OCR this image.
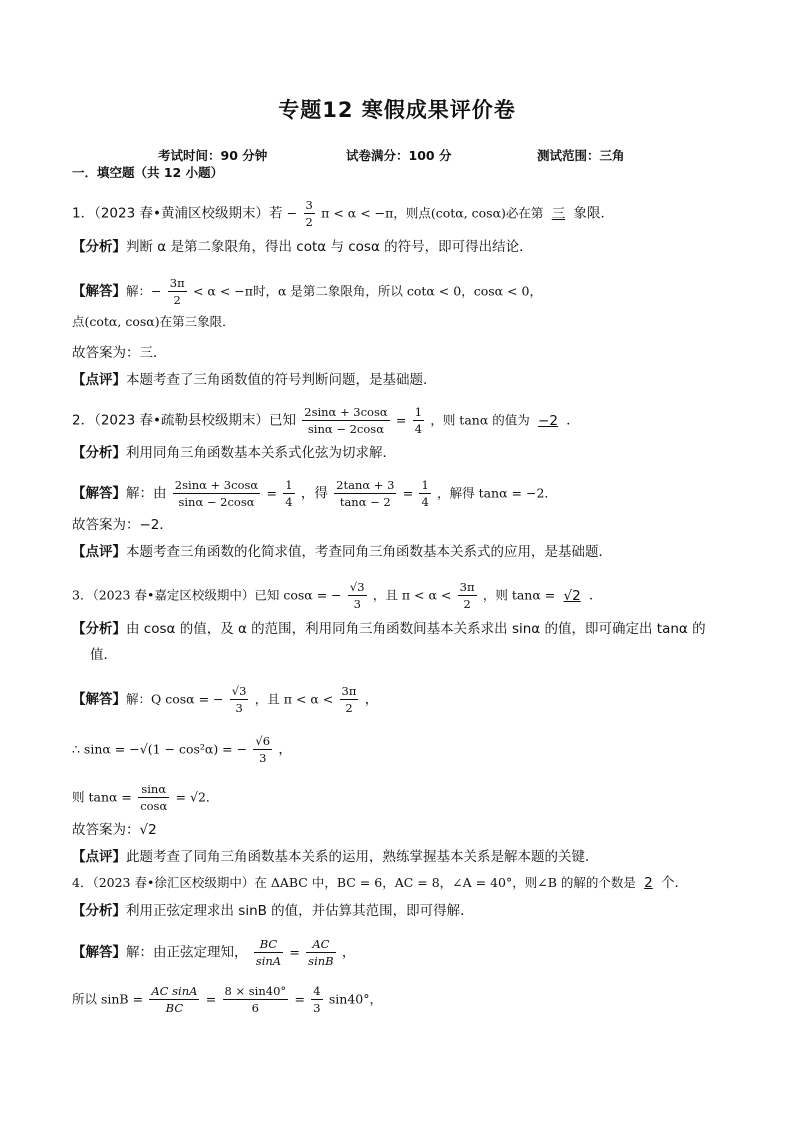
专题12 寒假成果评价卷
考试时间：90 分钟	试卷满分：100 分	测试范围：三角
一．填空题（共 12 小题）
1．（2023 春•黄浦区校级期末）若 − $\frac{3}{2}$ π < α < −π，则点(cotα, cosα)必在第 三 象限．
【分析】判断 α 是第二象限角，得出 cotα 与 cosα 的符号，即可得出结论．
【解答】解：− $\frac{3\pi}{2} < \alpha < -\pi$时，α 是第二象限角，所以 cotα < 0，cosα < 0，
点(cotα, cosα)在第三象限．
故答案为：三．
【点评】本题考查了三角函数值的符号判断问题，是基础题．
2．（2023 春•疏勒县校级期末）已知 $\frac{2\sin\alpha + 3\cos\alpha}{\sin\alpha - 2\cos\alpha} = \frac{1}{4}$ ，则 tanα 的值为 −2 ．
【分析】利用同角三角函数基本关系式化弦为切求解．
【解答】解：由 $\frac{2\sin\alpha + 3\cos\alpha}{\sin\alpha - 2\cos\alpha} = \frac{1}{4}$ ，得 $\frac{2\tan\alpha + 3}{\tan\alpha - 2} = \frac{1}{4}$ ，解得 tanα = −2．
故答案为：−2．
【点评】本题考查三角函数的化简求值，考查同角三角函数基本关系式的应用，是基础题．
3．（2023 春•嘉定区校级期中）已知 cosα = − $\frac{√3}{3}$ ，且 $\pi < \alpha < \frac{3\pi}{2}$ ，则 tanα = √2 ．
【分析】由 cosα 的值，及 α 的范围，利用同角三角函数间基本关系求出 sinα 的值，即可确定出 tanα 的
值．
【解答】解：Q cosα = − $\frac{√3}{3}$ ，且 $\pi < \alpha < \frac{3\pi}{2}$ ，
∴ sinα = −√(1 − cos²α) = − $\frac{√6}{3}$ ，
则 $\tan\alpha = \frac{\sin\alpha}{\cos\alpha} = √2$．
故答案为：√2
【点评】此题考查了同角三角函数基本关系的运用，熟练掌握基本关系是解本题的关键．
4．（2023 春•徐汇区校级期中）在 ΔABC 中，BC = 6，AC = 8，∠A = 40°，则∠B 的解的个数是 2 个．
【分析】利用正弦定理求出 sinB 的值，并估算其范围，即可得解．
【解答】解：由正弦定理知， $\frac{BC}{\sin A} = \frac{AC}{\sin B}$ ，
所以 $\sin B = \frac{\text{AC sinA}}{BC} = \frac{8 \times \sin 40^\circ}{6} = \frac{4}{3} \sin 40^\circ$，
